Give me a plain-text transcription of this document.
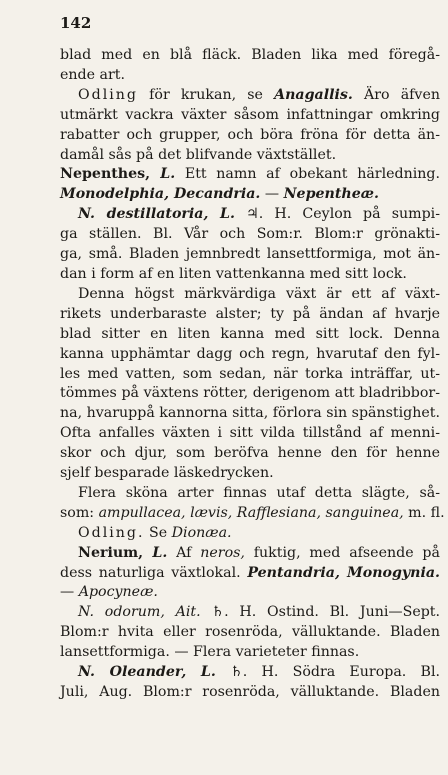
142
blad med en blå fläck. Bladen lika med föregå-
ende art.
Odling för krukan, se Anagallis. Äro äfven
utmärkt vackra växter såsom infattningar omkring
rabatter och grupper, och böra fröna för detta än-
damål sås på det blifvande växtstället.
Nepenthes, L. Ett namn af obekant härledning.
Monodelphia, Decandria. — Nepentheæ.
N. destillatoria, L. ♃. H. Ceylon på sumpi-
ga ställen. Bl. Vår och Som:r. Blom:r grönakti-
ga, små. Bladen jemnbredt lansettformiga, mot än-
dan i form af en liten vattenkanna med sitt lock.
Denna högst märkvärdiga växt är ett af växt-
rikets underbaraste alster; ty på ändan af hvarje
blad sitter en liten kanna med sitt lock. Denna
kanna upphämtar dagg och regn, hvarutaf den fyl-
les med vatten, som sedan, när torka inträffar, ut-
tömmes på växtens rötter, derigenom att bladribbor-
na, hvaruppå kannorna sitta, förlora sin spänstighet.
Ofta anfalles växten i sitt vilda tillstånd af menni-
skor och djur, som beröfva henne den för henne
sjelf besparade läskedrycken.
Flera sköna arter finnas utaf detta slägte, så-
som: ampullacea, lævis, Rafflesiana, sanguinea, m. fl.
Odling. Se Dionæa.
Nerium, L. Af neros, fuktig, med afseende på
dess naturliga växtlokal. Pentandria, Monogynia.
— Apocyneæ.
N. odorum, Ait. ♄. H. Ostind. Bl. Juni—Sept.
Blom:r hvita eller rosenröda, välluktande. Bladen
lansettformiga. — Flera varieteter finnas.
N. Oleander, L. ♄. H. Södra Europa. Bl.
Juli, Aug. Blom:r rosenröda, välluktande. Bladen
